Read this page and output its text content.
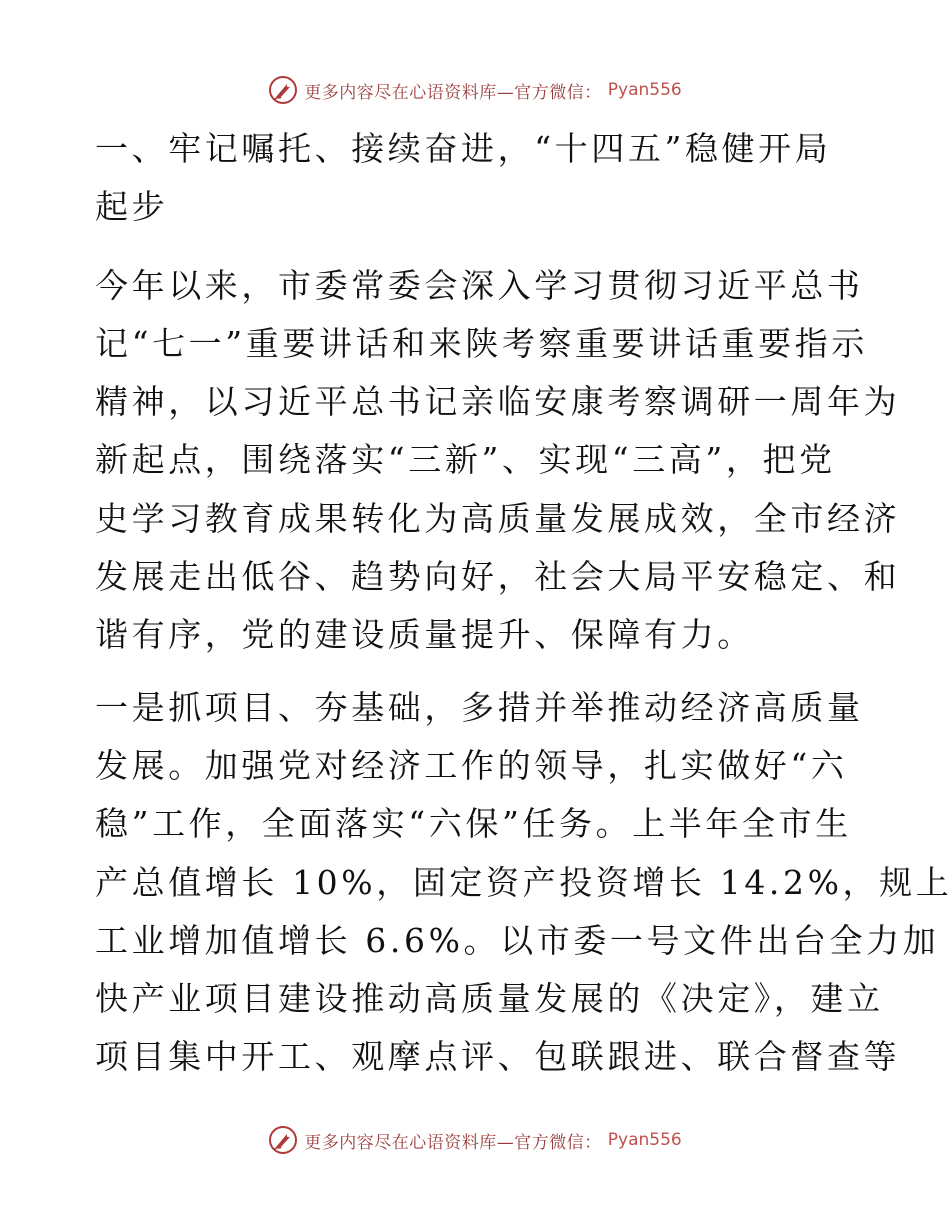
更多内容尽在心语资料库—官方微信： Pyan556
一、牢记嘱托、接续奋进，“十四五”稳健开局
起步
今年以来，市委常委会深入学习贯彻习近平总书
记“七一”重要讲话和来陕考察重要讲话重要指示
精神，以习近平总书记亲临安康考察调研一周年为
新起点，围绕落实“三新”、实现“三高”，把党
史学习教育成果转化为高质量发展成效，全市经济
发展走出低谷、趋势向好，社会大局平安稳定、和
谐有序，党的建设质量提升、保障有力。
一是抓项目、夯基础，多措并举推动经济高质量
发展。加强党对经济工作的领导，扎实做好“六
稳”工作，全面落实“六保”任务。上半年全市生
产总值增长 10%，固定资产投资增长 14.2%，规上
工业增加值增长 6.6%。以市委一号文件出台全力加
快产业项目建设推动高质量发展的《决定》，建立
项目集中开工、观摩点评、包联跟进、联合督查等
更多内容尽在心语资料库—官方微信： Pyan556
